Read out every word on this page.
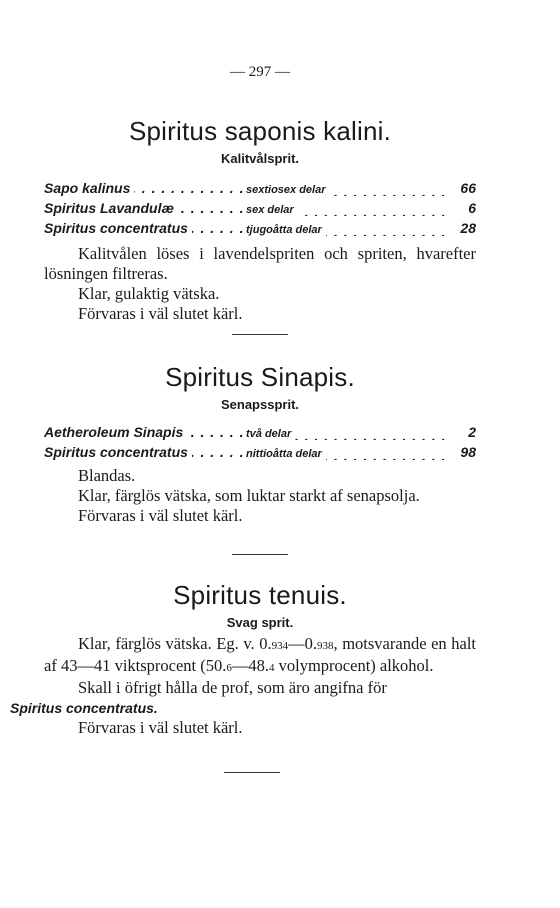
— 297 —
Spiritus saponis kalini.
Kalitvålsprit.
Sapo kalinus . . .	sextiosex delar . . .	66
Spiritus Lavandulæ . . .	sex delar . . .	6
Spiritus concentratus . . .	tjugoåtta delar . . .	28

Kalitvålen löses i lavendelspriten och spriten, hvarefter lösningen filtreras.

Klar, gulaktig vätska.

Förvaras i väl slutet kärl.

Spiritus Sinapis.
Senapssprit.
Aetheroleum Sinapis . . .	två delar . . .	2
Spiritus concentratus . . .	nittioåtta delar . . .	98

Blandas.

Klar, färglös vätska, som luktar starkt af senapsolja.

Förvaras i väl slutet kärl.

Spiritus tenuis.
Svag sprit.

Klar, färglös vätska. Eg. v. 0.934—0.938, motsvarande en halt af 43—41 viktsprocent (50.6—48.4 volymprocent) alkohol.

Skall i öfrigt hålla de prof, som äro angifna för
Spiritus concentratus.

Förvaras i väl slutet kärl.
